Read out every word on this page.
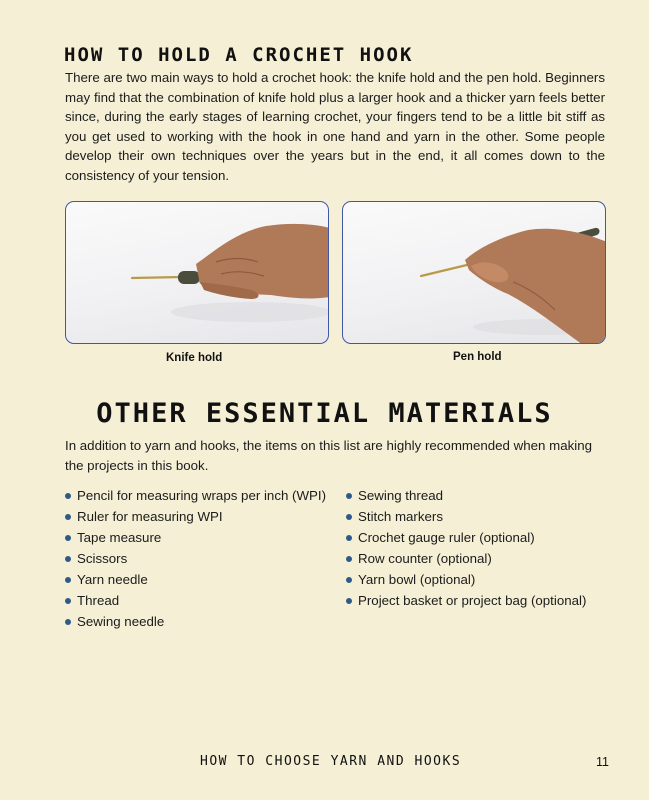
HOW TO HOLD A CROCHET HOOK

There are two main ways to hold a crochet hook: the knife hold and the pen hold. Beginners may find that the combination of knife hold plus a larger hook and a thicker yarn feels better since, during the early stages of learning crochet, your fingers tend to be a little bit stiff as you get used to working with the hook in one hand and yarn in the other. Some people develop their own techniques over the years but in the end, it all comes down to the consistency of your tension.

Knife hold	Pen hold
OTHER ESSENTIAL MATERIALS

In addition to yarn and hooks, the items on this list are highly recommended when making the projects in this book.

Pencil for measuring wraps per inch (WPI)
Ruler for measuring WPI
Tape measure
Scissors
Yarn needle
Thread
Sewing needle
Sewing thread
Stitch markers
Crochet gauge ruler (optional)
Row counter (optional)
Yarn bowl (optional)
Project basket or project bag (optional)
HOW TO CHOOSE YARN AND HOOKS	11
